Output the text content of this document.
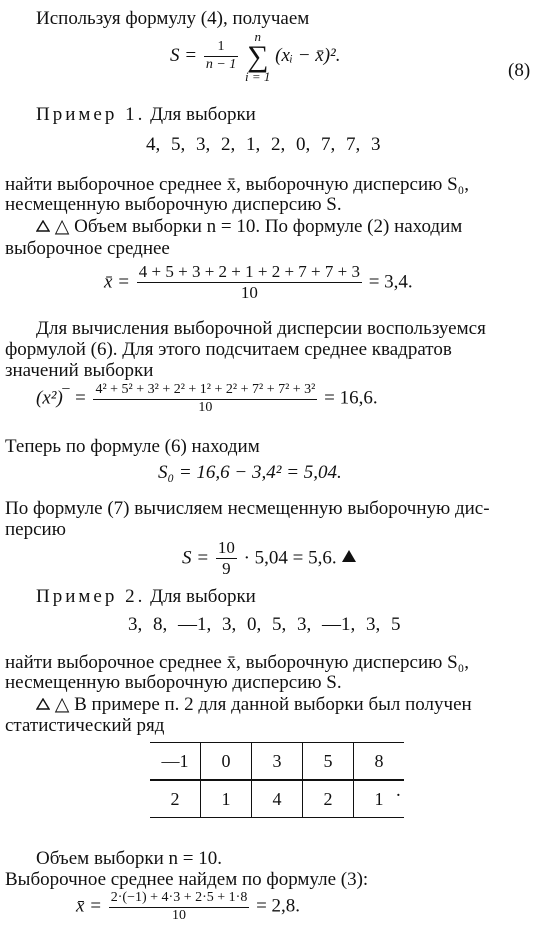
Используя формулу (4), получаем

$S = \frac{1}{n - 1}$

n
∑
i = 1
(xᵢ − x̄)².
(8)

Пример 1. Для выборки

4, 5, 3, 2, 1, 2, 0, 7, 7, 3

найти выборочное среднее x̄, выборочную дисперсию S₀,

несмещенную выборочную дисперсию S.

△ Объем выборки n = 10. По формуле (2) находим

выборочное среднее

x̄ = $\frac{4 + 5 + 3 + 2 + 1 + 2 + 7 + 7 + 3}{10} = 3,4$.

Для вычисления выборочной дисперсии воспользуемся

формулой (6). Для этого подсчитаем среднее квадратов

значений выборки

(x²)‾ = $\frac{\text{4² + 5² + 3² + 2² + 1² + 2² + 7² + 7² + 3²}}{10} = 16,6$.

Теперь по формуле (6) находим

S₀ = 16,6 − 3,4² = 5,04.

По формуле (7) вычисляем несмещенную выборочную дис-

персию

$S = \frac{10}{9} \cdot 5,04 = 5,6$.

Пример 2. Для выборки

3, 8, —1, 3, 0, 5, 3, —1, 3, 5

найти выборочное среднее x̄, выборочную дисперсию S₀,

несмещенную выборочную дисперсию S.

△ В примере п. 2 для данной выборки был получен

статистический ряд

—1	0	3	5	8
2	1	4	2	1 .

Объем выборки n = 10.

Выборочное среднее найдем по формуле (3):

x̄ = $\frac{2\cdot(-1) + 4\cdot 3 + 2\cdot 5 + 1\cdot 8}{10} = 2,8$.
